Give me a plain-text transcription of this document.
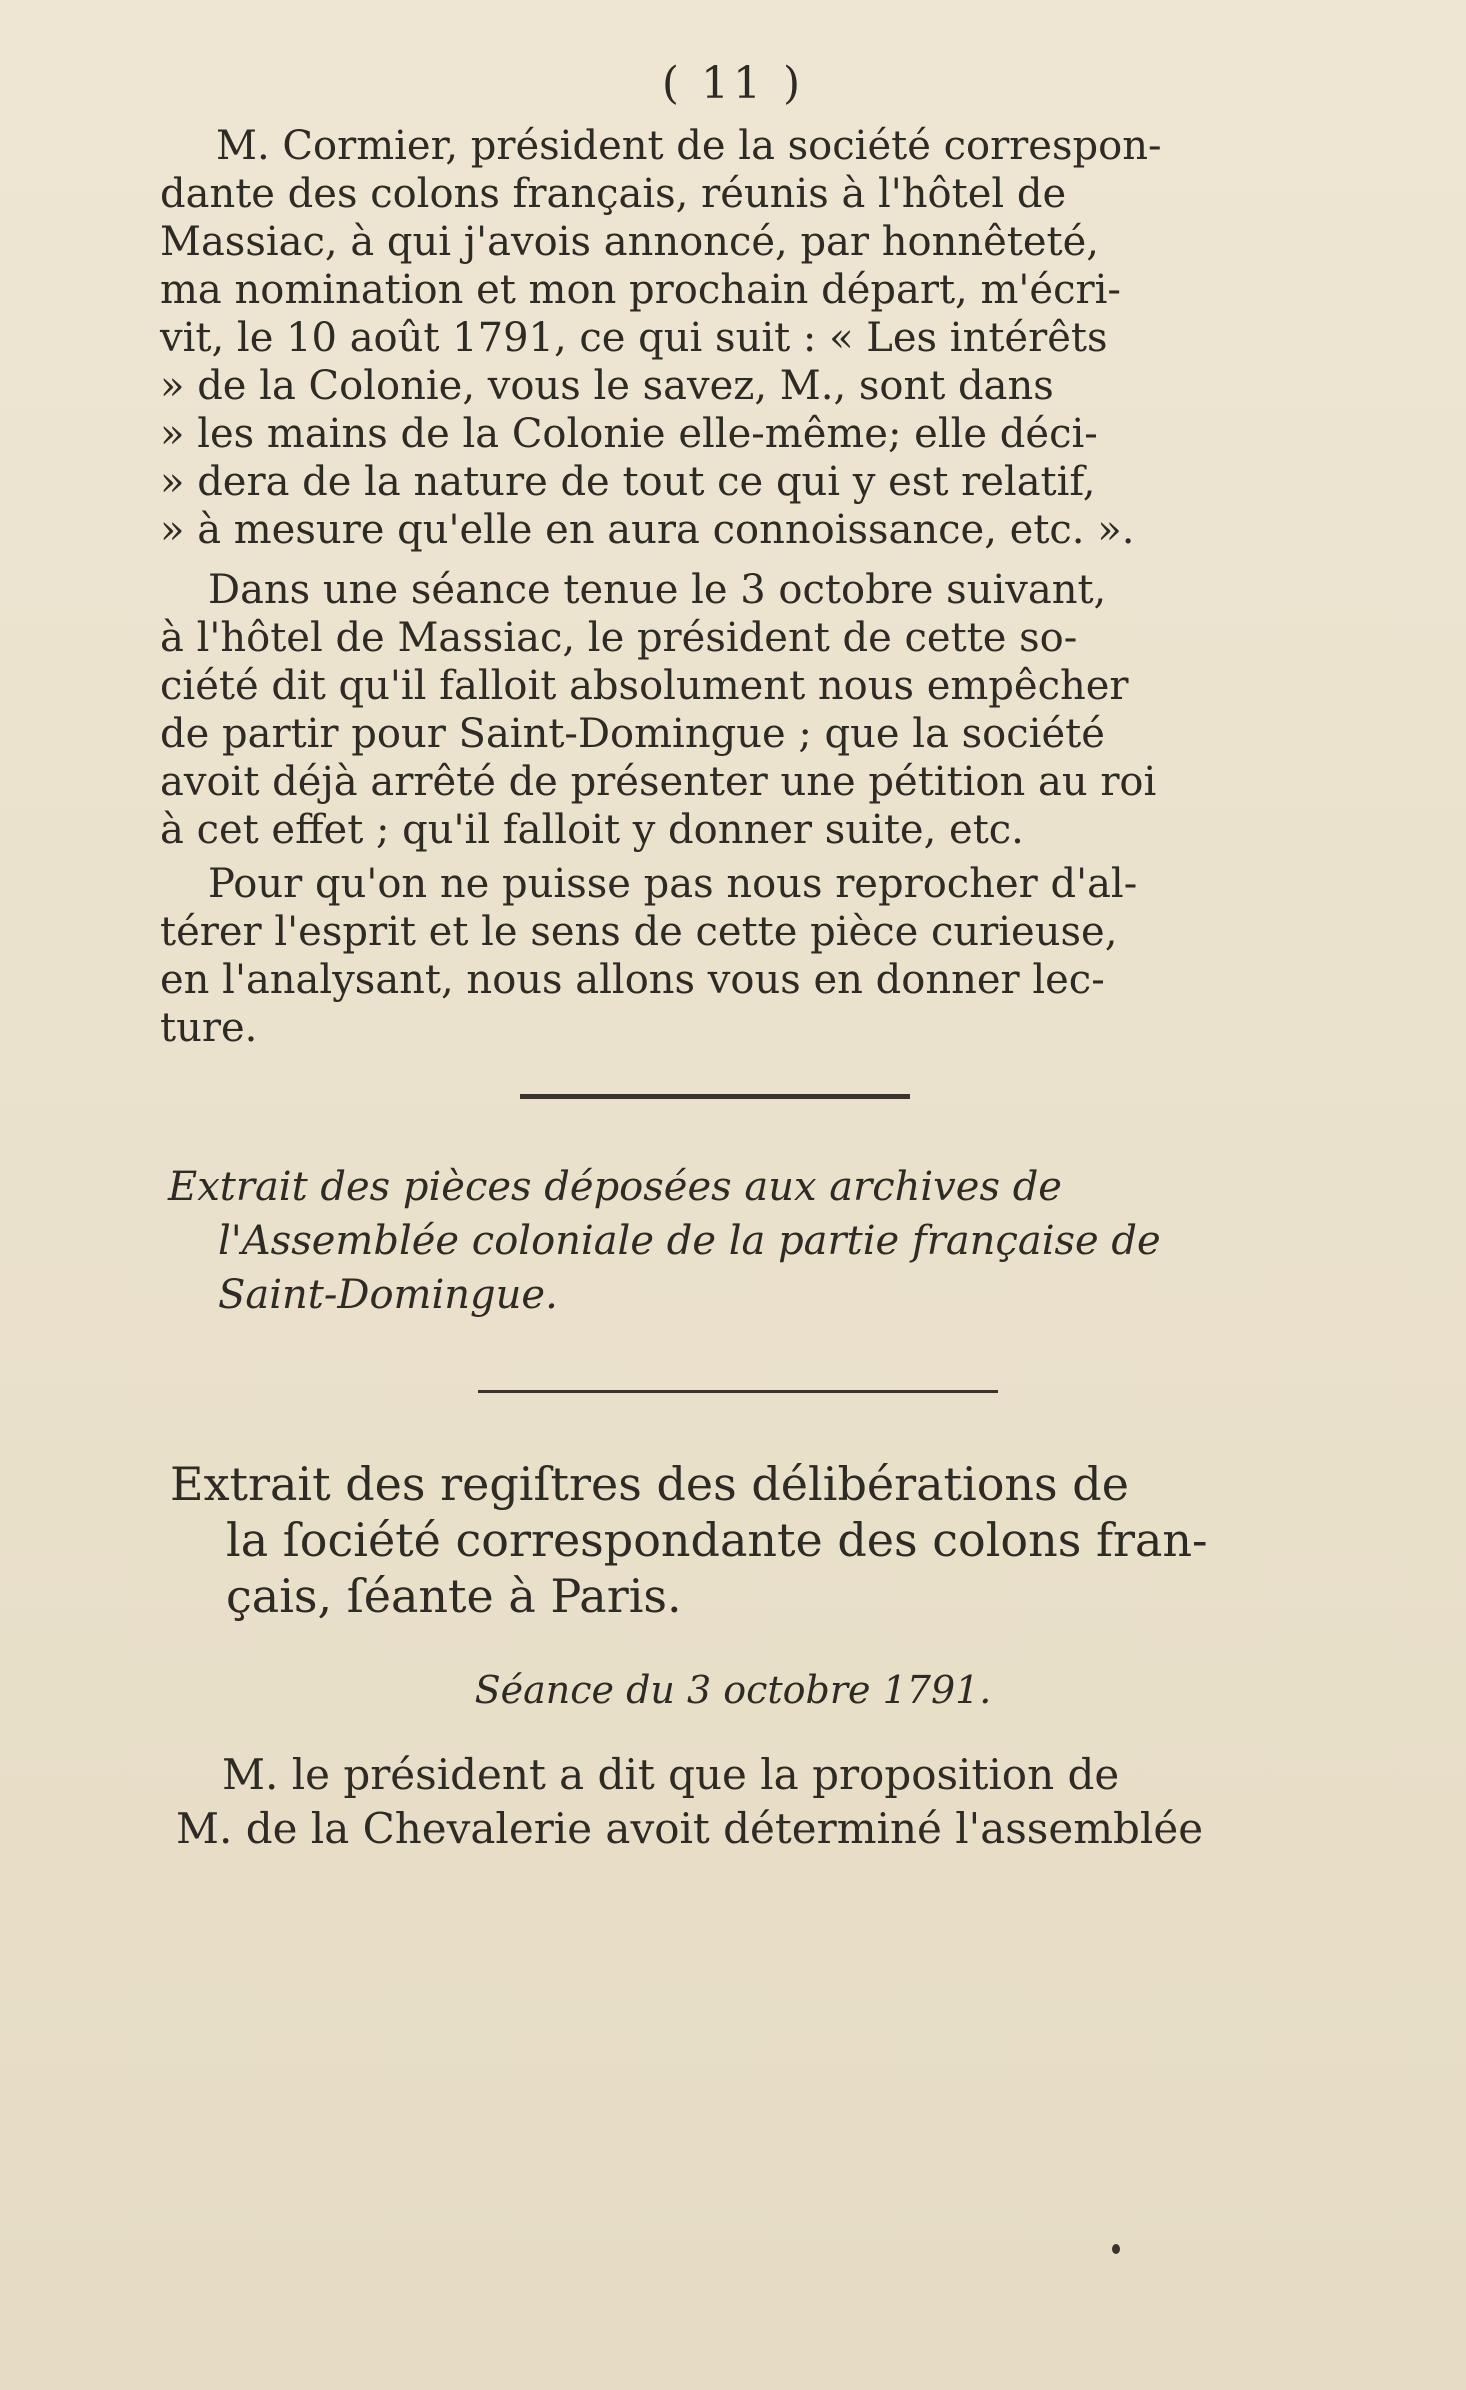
( 11 )
M. Cormier, président de la société correspon-
dante des colons français, réunis à l'hôtel de
Massiac, à qui j'avois annoncé, par honnêteté,
ma nomination et mon prochain départ, m'écri-
vit, le 10 août 1791, ce qui suit : « Les intérêts
» de la Colonie, vous le savez, M., sont dans
» les mains de la Colonie elle-même; elle déci-
» dera de la nature de tout ce qui y est relatif,
» à mesure qu'elle en aura connoissance, etc. ».
Dans une séance tenue le 3 octobre suivant,
à l'hôtel de Massiac, le président de cette so-
ciété dit qu'il falloit absolument nous empêcher
de partir pour Saint-Domingue ; que la société
avoit déjà arrêté de présenter une pétition au roi
à cet effet ; qu'il falloit y donner suite, etc.
Pour qu'on ne puisse pas nous reprocher d'al-
térer l'esprit et le sens de cette pièce curieuse,
en l'analysant, nous allons vous en donner lec-
ture.
Extrait des pièces déposées aux archives de
l'Assemblée coloniale de la partie française de
Saint-Domingue.
Extrait des regiſtres des délibérations de
la ſociété correspondante des colons fran-
çais, ſéante à Paris.
Séance du 3 octobre 1791.
M. le président a dit que la proposition de
M. de la Chevalerie avoit déterminé l'assemblée
